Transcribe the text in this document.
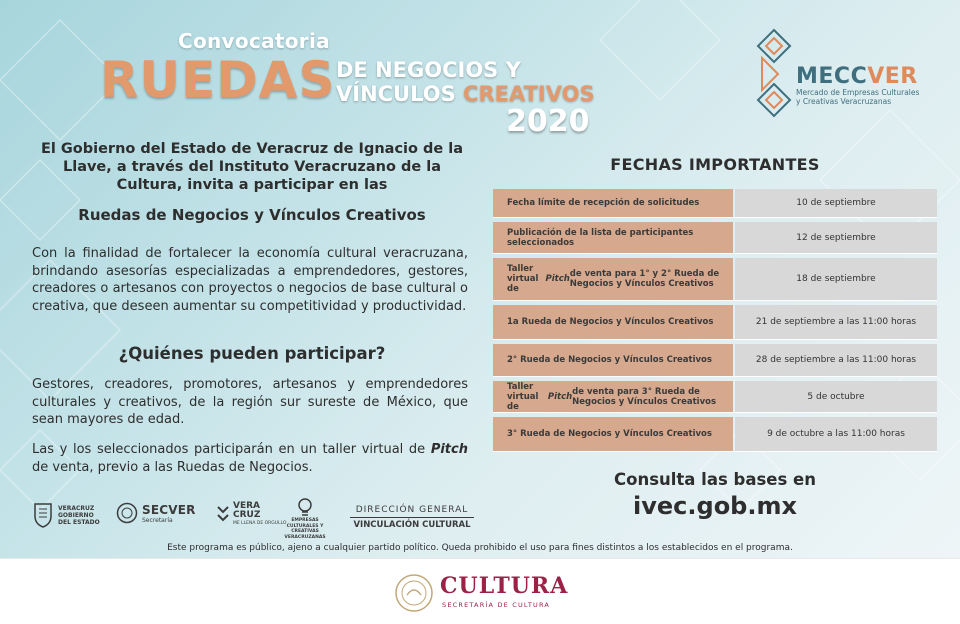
Convocatoria
RUEDAS DE NEGOCIOS Y
VÍNCULOS CREATIVOS
2020
MECCVER
Mercado de Empresas Culturales y Creativas Veracruzanas
El Gobierno del Estado de Veracruz de Ignacio de la Llave, a través del Instituto Veracruzano de la Cultura, invita a participar en las
Ruedas de Negocios y Vínculos Creativos
Con la finalidad de fortalecer la economía cultural veracruzana, brindando asesorías especializadas a emprendedores, gestores, creadores o artesanos con proyectos o negocios de base cultural o creativa, que deseen aumentar su competitividad y productividad.
¿Quiénes pueden participar?
Gestores, creadores, promotores, artesanos y emprendedores culturales y creativos, de la región sur sureste de México, que sean mayores de edad.
Las y los seleccionados participarán en un taller virtual de Pitch de venta, previo a las Ruedas de Negocios.
FECHAS IMPORTANTES
Fecha límite de recepción de solicitudes	10 de septiembre
Publicación de la lista de participantes seleccionados	12 de septiembre
Taller virtual de
Pitch de venta para 1° y 2° Rueda de Negocios y Vínculos Creativos	18 de septiembre
1a Rueda de Negocios y Vínculos Creativos	21 de septiembre a las 11:00 horas
2° Rueda de Negocios y Vínculos Creativos	28 de septiembre a las 11:00 horas
Taller virtual de
Pitch de venta para 3° Rueda de Negocios y Vínculos Creativos	5 de octubre
3° Rueda de Negocios y Vínculos Creativos	9 de octubre a las 11:00 horas
Consulta las bases en
ivec.gob.mx
VERACRUZ GOBIERNO DEL ESTADO
SECVER
Secretaría
VERA CRUZ
ME LLENA DE ORGULLO
EMPRESAS CULTURALES Y CREATIVAS VERACRUZANAS
DIRECCIÓN GENERAL
VINCULACIÓN CULTURAL
Este programa es público, ajeno a cualquier partido político. Queda prohibido el uso para fines distintos a los establecidos en el programa.
CULTURA
SECRETARÍA DE CULTURA
